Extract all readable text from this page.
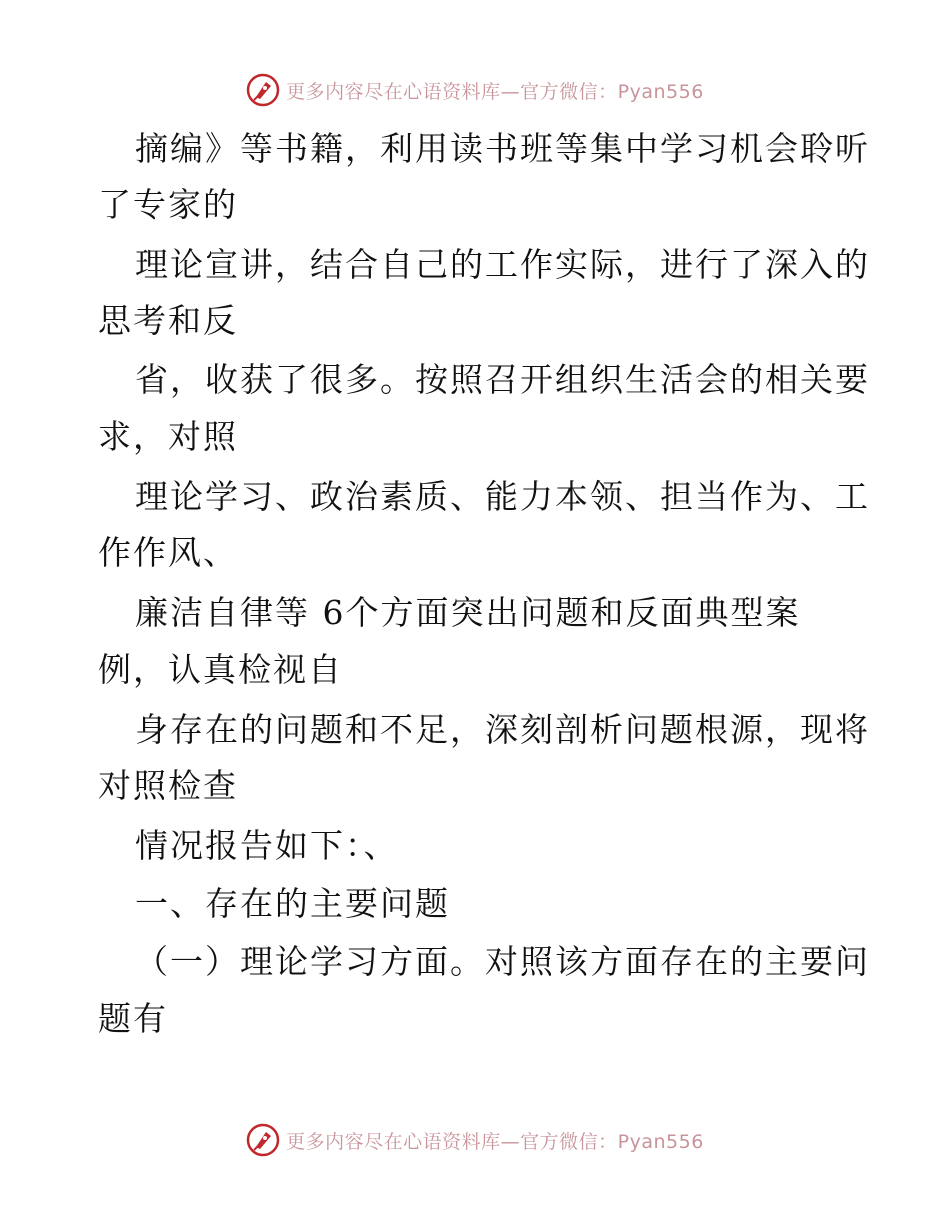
更多内容尽在心语资料库—官方微信：Pyan556
摘编》等书籍，利用读书班等集中学习机会聆听
了专家的
理论宣讲，结合自己的工作实际，进行了深入的
思考和反
省，收获了很多。按照召开组织生活会的相关要
求，对照
理论学习、政治素质、能力本领、担当作为、工
作作风、
廉洁自律等 6个方面突出问题和反面典型案
例，认真检视自
身存在的问题和不足，深刻剖析问题根源，现将
对照检查
情况报告如下：、
一、存在的主要问题
（一）理论学习方面。对照该方面存在的主要问
题有
更多内容尽在心语资料库—官方微信：Pyan556
